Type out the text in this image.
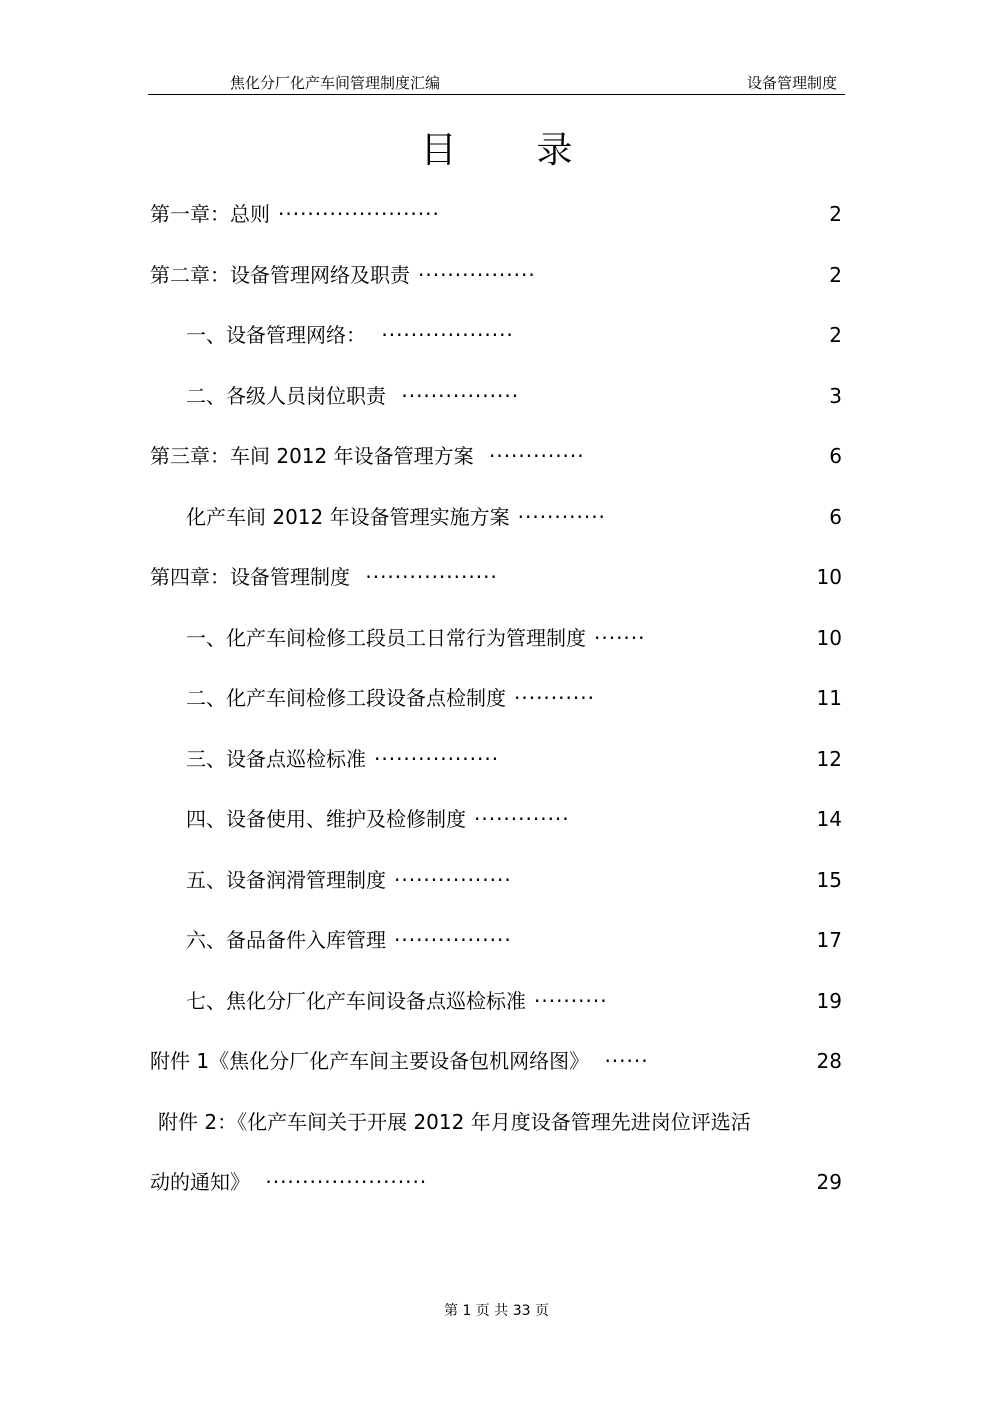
焦化分厂化产车间管理制度汇编	设备管理制度
目 录
第一章：总则 ······················	2
第二章：设备管理网络及职责 ················	2
一、设备管理网络： ··················	2
二、各级人员岗位职责 ················	3
第三章：车间 2012 年设备管理方案 ·············	6
化产车间 2012 年设备管理实施方案 ············	6
第四章：设备管理制度 ··················	10
一、化产车间检修工段员工日常行为管理制度 ·······	10
二、化产车间检修工段设备点检制度 ···········	11
三、设备点巡检标准 ·················	12
四、设备使用、维护及检修制度 ·············	14
五、设备润滑管理制度 ················	15
六、备品备件入库管理 ················	17
七、焦化分厂化产车间设备点巡检标准 ··········	19
附件 1《焦化分厂化产车间主要设备包机网络图》 ······	28
附件 2：《化产车间关于开展 2012 年月度设备管理先进岗位评选活
动的通知》 ······················	29
第 1 页 共 33 页
